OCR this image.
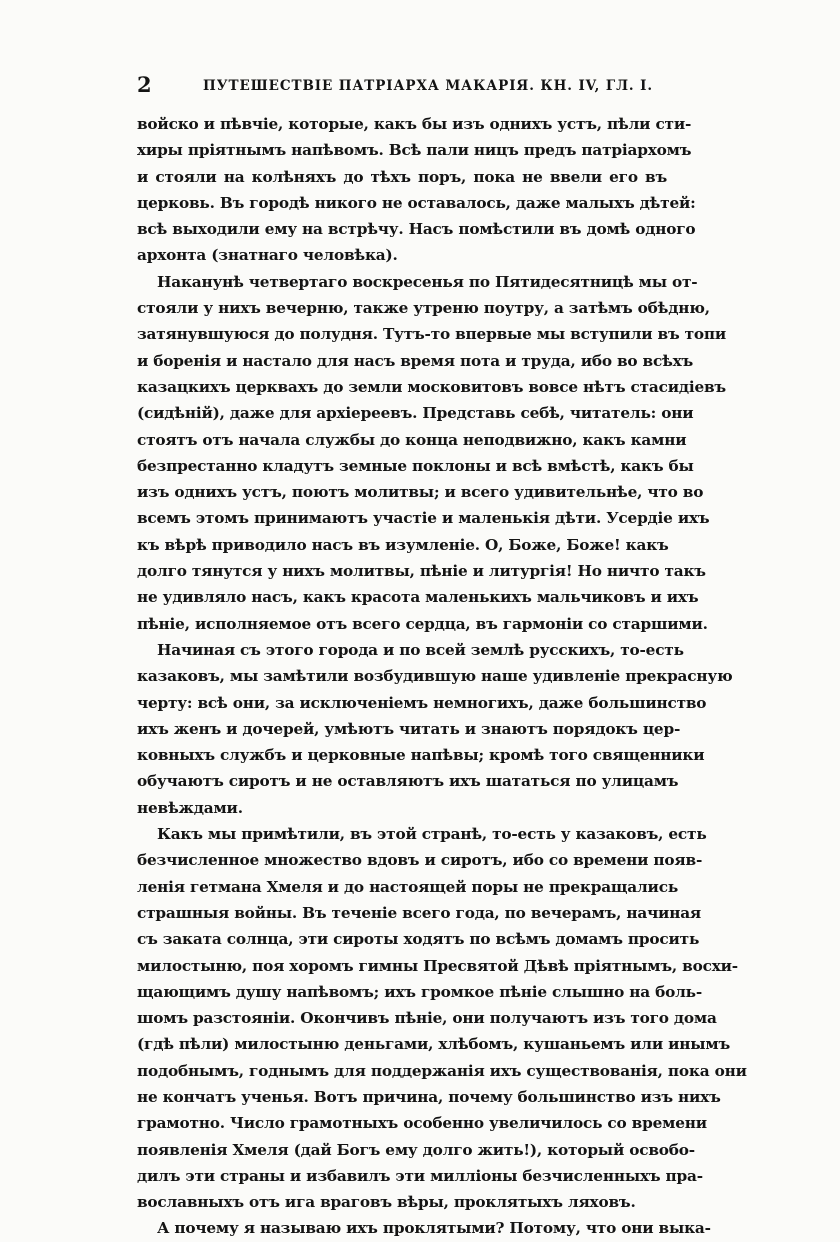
2	ПУТЕШЕСТВІЕ ПАТРІАРХА МАКАРІЯ. КН. IV, ГЛ. I.
войско и пѣвчіе, которые, какъ бы изъ однихъ устъ, пѣли сти-
хиры пріятнымъ напѣвомъ. Всѣ пали ницъ предъ патріархомъ
и стояли на колѣняхъ до тѣхъ поръ, пока не ввели его въ
церковь. Въ городѣ никого не оставалось, даже малыхъ дѣтей:
всѣ выходили ему на встрѣчу. Насъ помѣстили въ домѣ одного
архонта (знатнаго человѣка).
Наканунѣ четвертаго воскресенья по Пятидесятницѣ мы от-
стояли у нихъ вечерню, также утреню поутру, а затѣмъ обѣдню,
затянувшуюся до полудня. Тутъ-то впервые мы вступили въ топи
и боренія и настало для насъ время пота и труда, ибо во всѣхъ
казацкихъ церквахъ до земли московитовъ вовсе нѣтъ стасидіевъ
(сидѣній), даже для архіереевъ. Представь себѣ, читатель: они
стоятъ отъ начала службы до конца неподвижно, какъ камни
безпрестанно кладутъ земные поклоны и всѣ вмѣстѣ, какъ бы
изъ однихъ устъ, поютъ молитвы; и всего удивительнѣе, что во
всемъ этомъ принимаютъ участіе и маленькія дѣти. Усердіе ихъ
къ вѣрѣ приводило насъ въ изумленіе. О, Боже, Боже! какъ
долго тянутся у нихъ молитвы, пѣніе и литургія! Но ничто такъ
не удивляло насъ, какъ красота маленькихъ мальчиковъ и ихъ
пѣніе, исполняемое отъ всего сердца, въ гармоніи со старшими.
Начиная съ этого города и по всей землѣ русскихъ, то-есть
казаковъ, мы замѣтили возбудившую наше удивленіе прекрасную
черту: всѣ они, за исключеніемъ немногихъ, даже большинство
ихъ женъ и дочерей, умѣютъ читать и знаютъ порядокъ цер-
ковныхъ службъ и церковные напѣвы; кромѣ того священники
обучаютъ сиротъ и не оставляютъ ихъ шататься по улицамъ
невѣждами.
Какъ мы примѣтили, въ этой странѣ, то-есть у казаковъ, есть
безчисленное множество вдовъ и сиротъ, ибо со времени появ-
ленія гетмана Хмеля и до настоящей поры не прекращались
страшныя войны. Въ теченіе всего года, по вечерамъ, начиная
съ заката солнца, эти сироты ходятъ по всѣмъ домамъ просить
милостыню, поя хоромъ гимны Пресвятой Дѣвѣ пріятнымъ, восхи-
щающимъ душу напѣвомъ; ихъ громкое пѣніе слышно на боль-
шомъ разстояніи. Окончивъ пѣніе, они получаютъ изъ того дома
(гдѣ пѣли) милостыню деньгами, хлѣбомъ, кушаньемъ или инымъ
подобнымъ, годнымъ для поддержанія ихъ существованія, пока они
не кончатъ ученья. Вотъ причина, почему большинство изъ нихъ
грамотно. Число грамотныхъ особенно увеличилось со времени
появленія Хмеля (дай Богъ ему долго жить!), который освобо-
дилъ эти страны и избавилъ эти милліоны безчисленныхъ пра-
вославныхъ отъ ига враговъ вѣры, проклятыхъ ляховъ.
А почему я называю ихъ проклятыми? Потому, что они выка-
